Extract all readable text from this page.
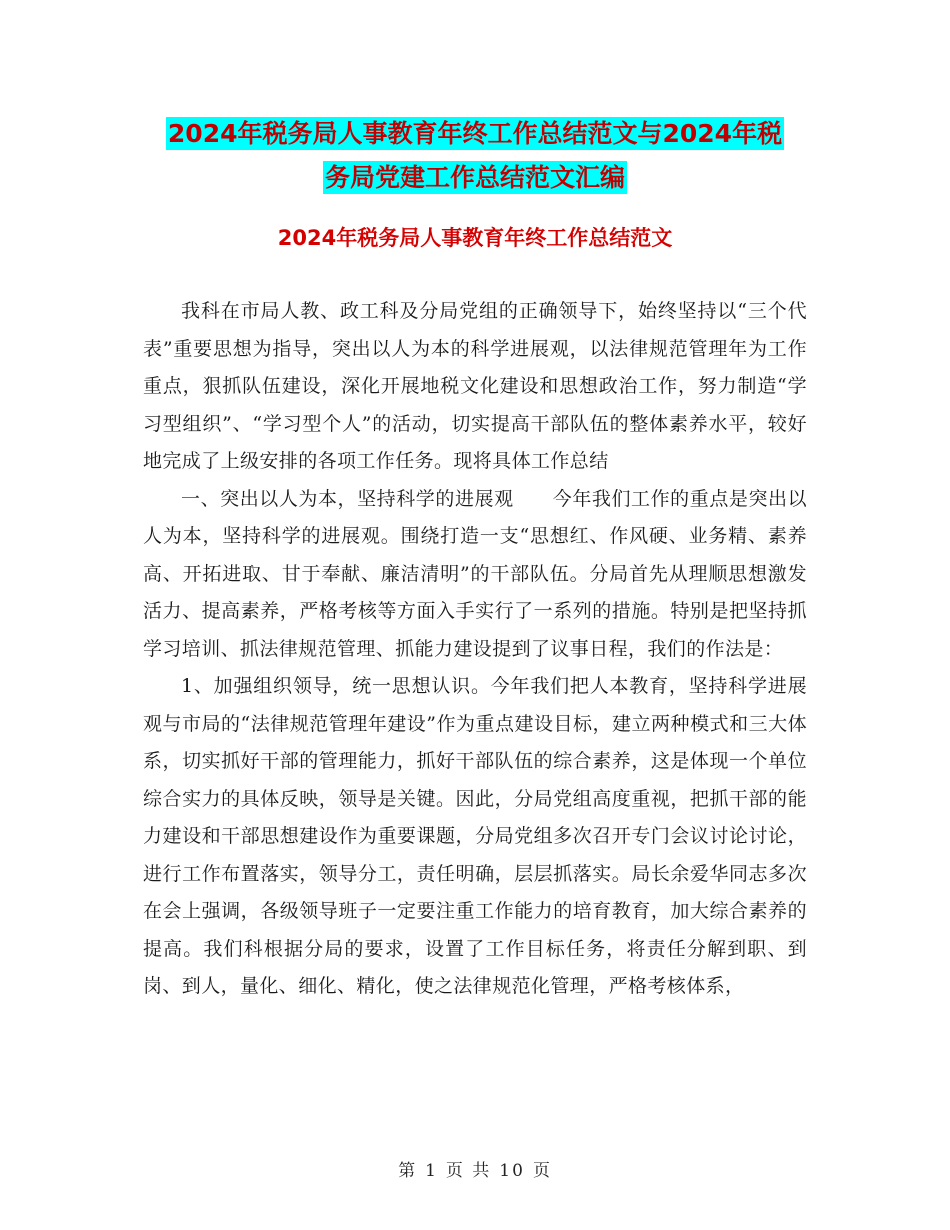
2024年税务局人事教育年终工作总结范文与2024年税
务局党建工作总结范文汇编
2024年税务局人事教育年终工作总结范文

我科在市局人教、政工科及分局党组的正确领导下，始终坚持以“三个代表”重要思想为指导，突出以人为本的科学进展观，以法律规范管理年为工作重点，狠抓队伍建设，深化开展地税文化建设和思想政治工作，努力制造“学习型组织”、“学习型个人”的活动，切实提高干部队伍的整体素养水平，较好地完成了上级安排的各项工作任务。现将具体工作总结

一、突出以人为本，坚持科学的进展观　　今年我们工作的重点是突出以人为本，坚持科学的进展观。围绕打造一支“思想红、作风硬、业务精、素养高、开拓进取、甘于奉献、廉洁清明”的干部队伍。分局首先从理顺思想激发活力、提高素养，严格考核等方面入手实行了一系列的措施。特别是把坚持抓学习培训、抓法律规范管理、抓能力建设提到了议事日程，我们的作法是：

1、加强组织领导，统一思想认识。今年我们把人本教育，坚持科学进展观与市局的“法律规范管理年建设”作为重点建设目标，建立两种模式和三大体系，切实抓好干部的管理能力，抓好干部队伍的综合素养，这是体现一个单位综合实力的具体反映，领导是关键。因此，分局党组高度重视，把抓干部的能力建设和干部思想建设作为重要课题，分局党组多次召开专门会议讨论讨论，进行工作布置落实，领导分工，责任明确，层层抓落实。局长余爱华同志多次在会上强调，各级领导班子一定要注重工作能力的培育教育，加大综合素养的提高。我们科根据分局的要求，设置了工作目标任务，将责任分解到职、到岗、到人，量化、细化、精化，使之法律规范化管理，严格考核体系，

第 1 页 共 10 页
